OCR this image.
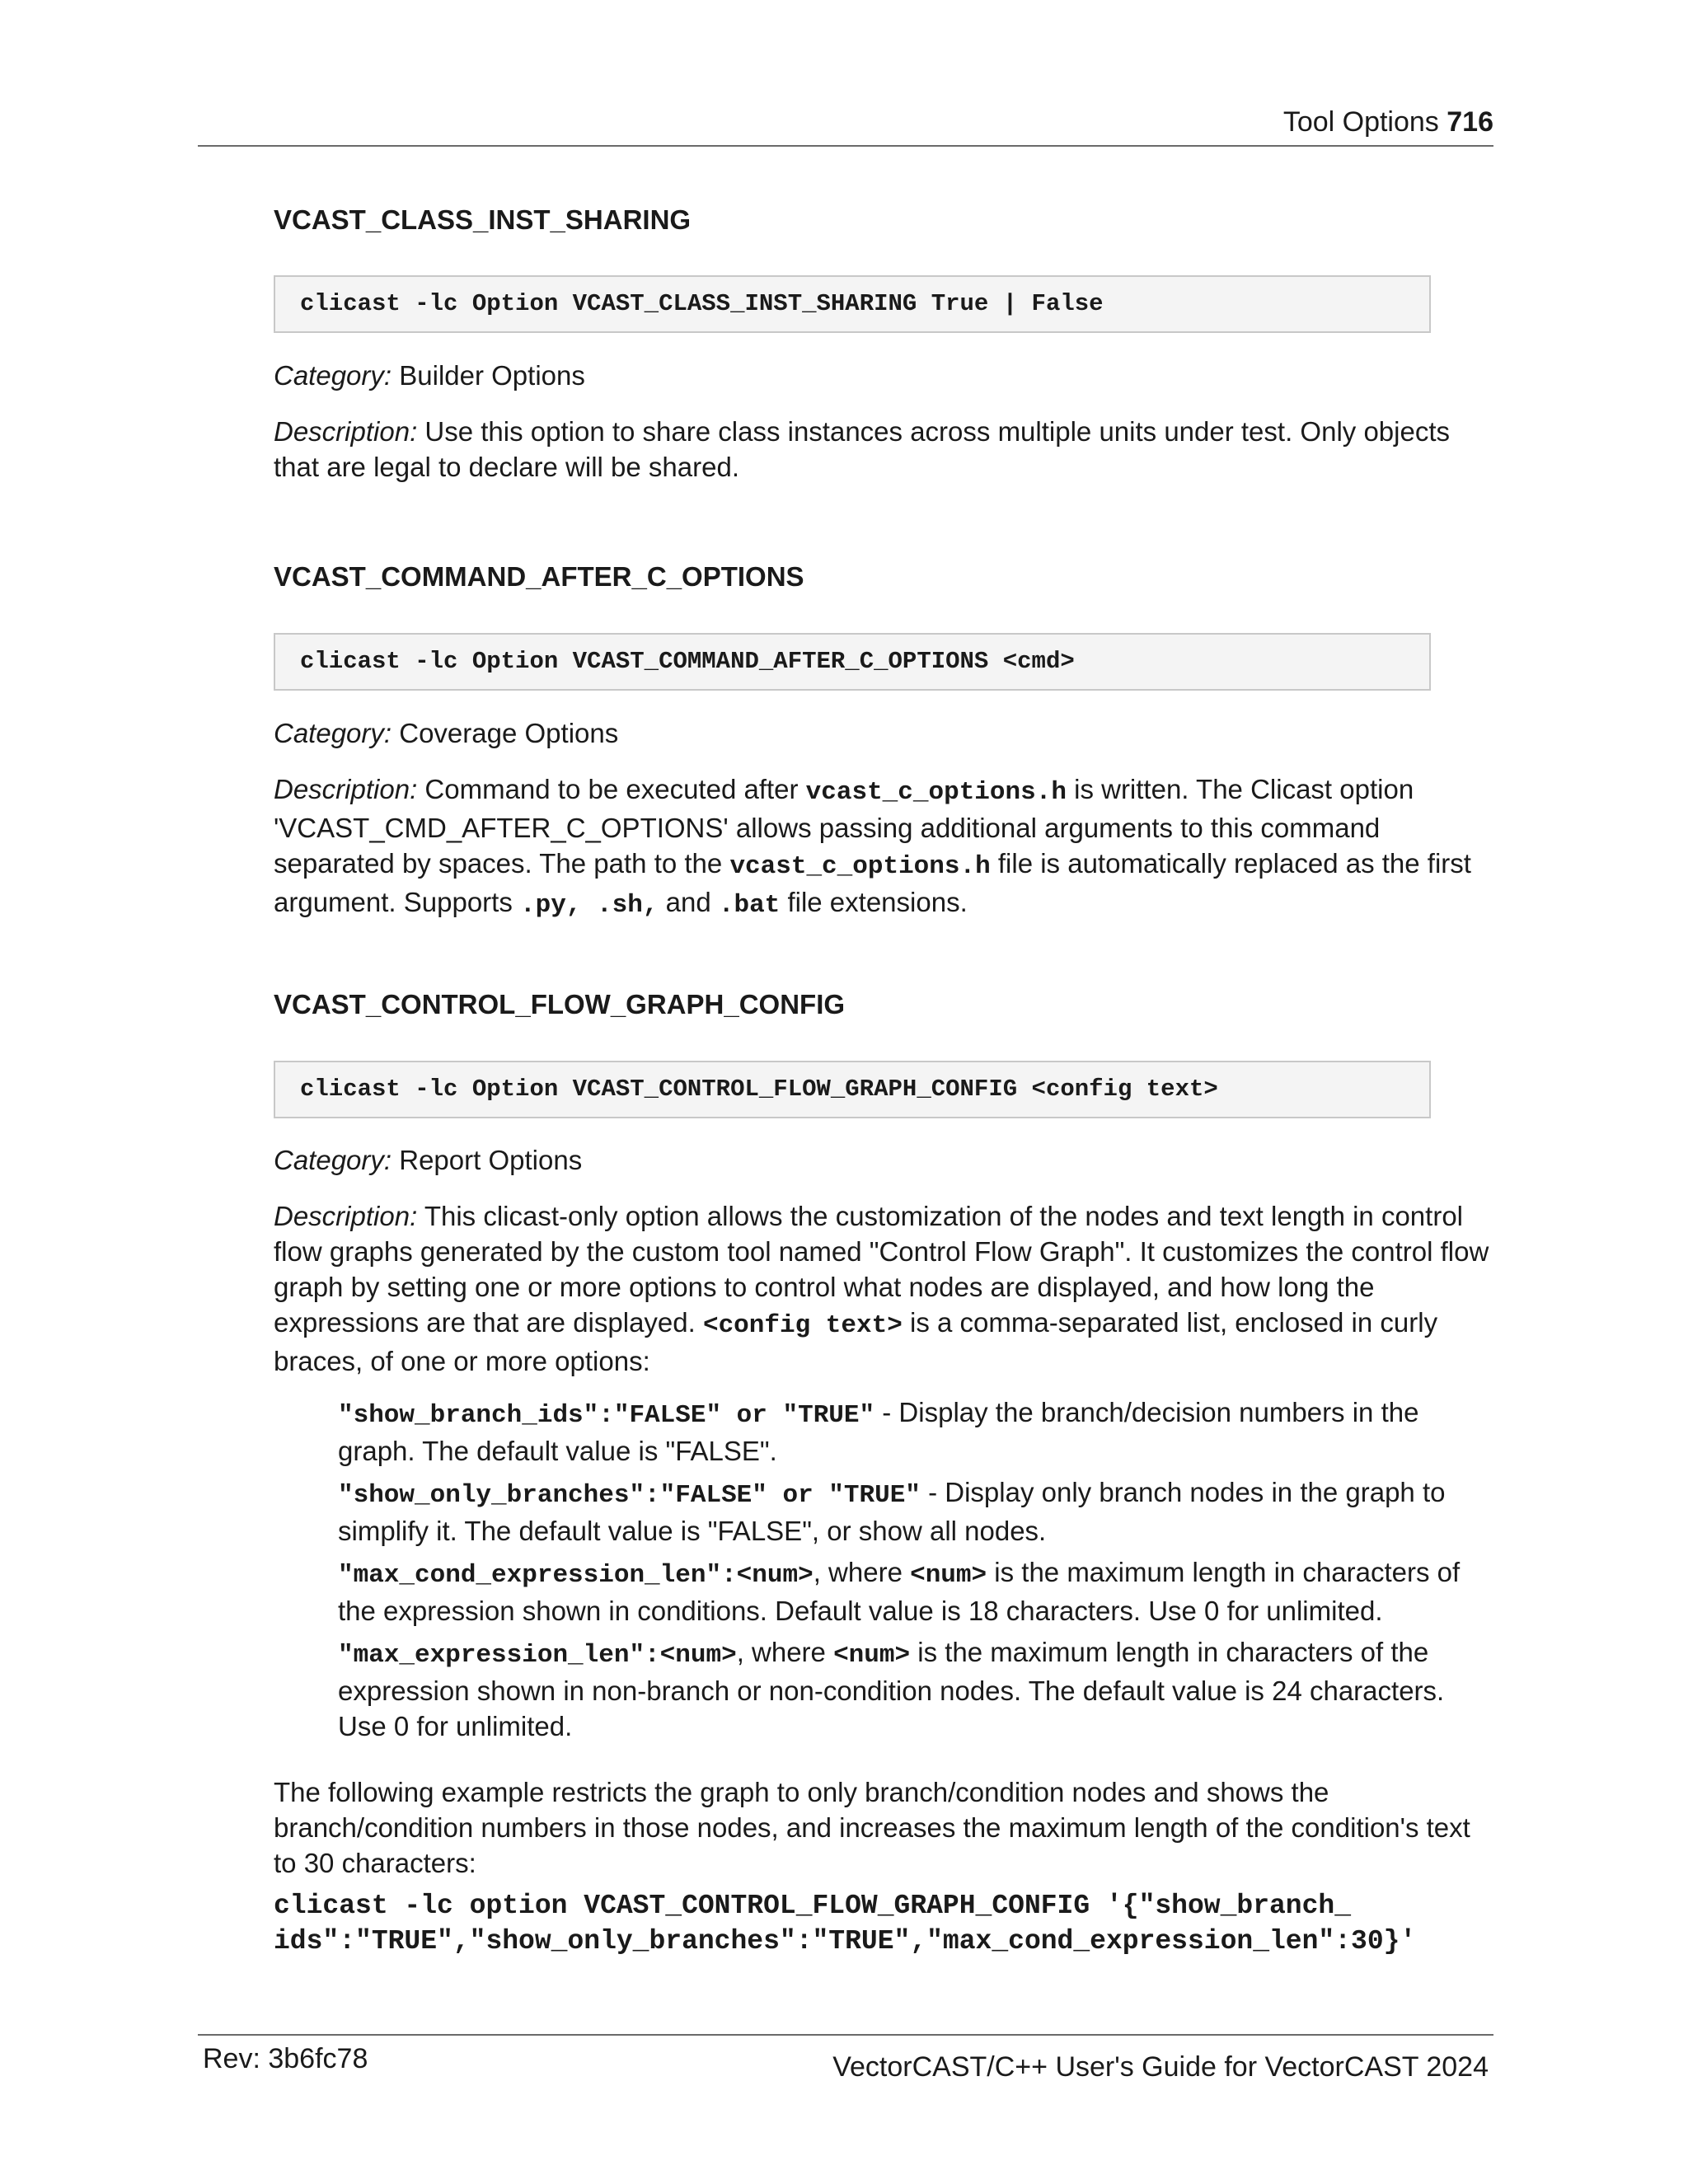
Tool Options 716
VCAST_CLASS_INST_SHARING
clicast -lc Option VCAST_CLASS_INST_SHARING True | False
Category: Builder Options
Description: Use this option to share class instances across multiple units under test. Only objects that are legal to declare will be shared.
VCAST_COMMAND_AFTER_C_OPTIONS
clicast -lc Option VCAST_COMMAND_AFTER_C_OPTIONS <cmd>
Category: Coverage Options
Description: Command to be executed after vcast_c_options.h is written. The Clicast option 'VCAST_CMD_AFTER_C_OPTIONS' allows passing additional arguments to this command separated by spaces. The path to the vcast_c_options.h file is automatically replaced as the first argument. Supports .py, .sh, and .bat file extensions.
VCAST_CONTROL_FLOW_GRAPH_CONFIG
clicast -lc Option VCAST_CONTROL_FLOW_GRAPH_CONFIG <config text>
Category: Report Options
Description: This clicast-only option allows the customization of the nodes and text length in control flow graphs generated by the custom tool named "Control Flow Graph". It customizes the control flow graph by setting one or more options to control what nodes are displayed, and how long the expressions are that are displayed. <config text> is a comma-separated list, enclosed in curly braces, of one or more options:
"show_branch_ids":"FALSE" or "TRUE" - Display the branch/decision numbers in the graph. The default value is "FALSE".
"show_only_branches":"FALSE" or "TRUE" - Display only branch nodes in the graph to simplify it. The default value is "FALSE", or show all nodes.
"max_cond_expression_len":<num>, where <num> is the maximum length in characters of the expression shown in conditions. Default value is 18 characters. Use 0 for unlimited.
"max_expression_len":<num>, where <num> is the maximum length in characters of the expression shown in non-branch or non-condition nodes. The default value is 24 characters. Use 0 for unlimited.
The following example restricts the graph to only branch/condition nodes and shows the branch/condition numbers in those nodes, and increases the maximum length of the condition's text to 30 characters:
clicast -lc option VCAST_CONTROL_FLOW_GRAPH_CONFIG '{"show_branch_
ids":"TRUE","show_only_branches":"TRUE","max_cond_expression_len":30}'
Rev: 3b6fc78	VectorCAST/C++ User's Guide for VectorCAST 2024
